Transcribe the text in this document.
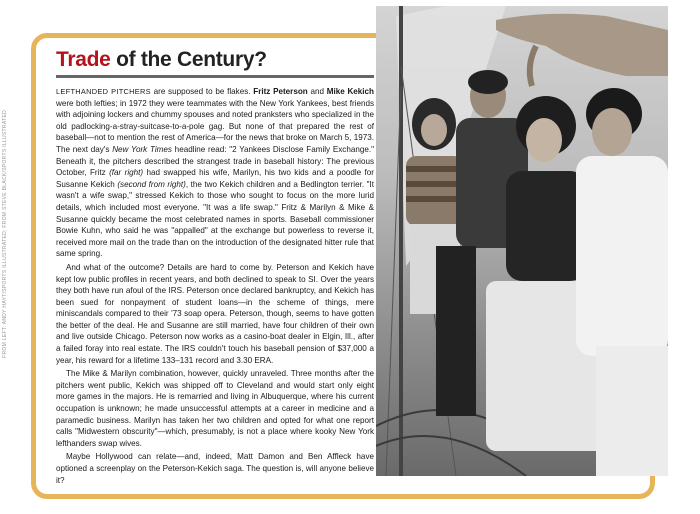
FROM LEFT: ANDY HAYT/SPORTS ILLUSTRATED; FROM STEVE BLACK/SPORTS ILLUSTRATED
Trade of the Century?

LEFTHANDED PITCHERS are supposed to be flakes. Fritz Peterson and Mike Kekich were both lefties; in 1972 they were teammates with the New York Yankees, best friends with adjoining lockers and chummy spouses and noted pranksters who specialized in the old padlocking-a-stray-suitcase-to-a-pole gag. But none of that prepared the rest of baseball—not to mention the rest of America—for the news that broke on March 5, 1973. The next day's New York Times headline read: "2 Yankees Disclose Family Exchange." Beneath it, the pitchers described the strangest trade in baseball history: The previous October, Fritz (far right) had swapped his wife, Marilyn, his two kids and a poodle for Susanne Kekich (second from right), the two Kekich children and a Bedlington terrier. "It wasn't a wife swap," stressed Kekich to those who sought to focus on the more lurid details, which included most everyone. "It was a life swap." Fritz & Marilyn & Mike & Susanne quickly became the most celebrated names in sports. Baseball commissioner Bowie Kuhn, who said he was "appalled" at the exchange but powerless to reverse it, received more mail on the trade than on the introduction of the designated hitter rule that same spring.

And what of the outcome? Details are hard to come by. Peterson and Kekich have kept low public profiles in recent years, and both declined to speak to SI. Over the years they both have run afoul of the IRS. Peterson once declared bankruptcy, and Kekich has been sued for nonpayment of student loans—in the scheme of things, mere miniscandals compared to their '73 soap opera. Peterson, though, seems to have gotten the better of the deal. He and Susanne are still married, have four children of their own and live outside Chicago. Peterson now works as a casino-boat dealer in Elgin, Ill., after a failed foray into real estate. The IRS couldn't touch his baseball pension of $37,000 a year, his reward for a lifetime 133–131 record and 3.30 ERA.

The Mike & Marilyn combination, however, quickly unraveled. Three months after the pitchers went public, Kekich was shipped off to Cleveland and would start only eight more games in the majors. He is remarried and living in Albuquerque, where his current occupation is unknown; he made unsuccessful attempts at a career in medicine and a paramedic business. Marilyn has taken her two children and opted for what one report calls "Midwestern obscurity"—which, presumably, is not a place where kooky New York lefthanders swap wives.

Maybe Hollywood can relate—and, indeed, Matt Damon and Ben Affleck have optioned a screenplay on the Peterson-Kekich saga. The question is, will anyone believe it?
